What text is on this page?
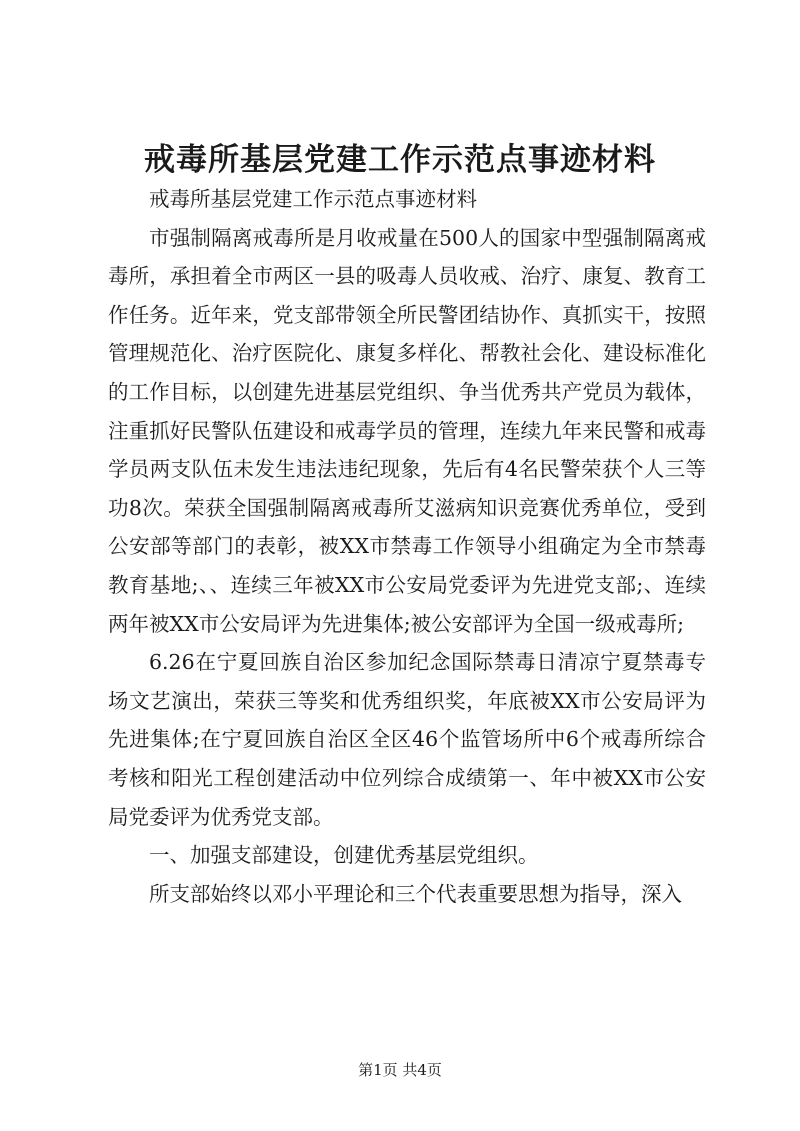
戒毒所基层党建工作示范点事迹材料

戒毒所基层党建工作示范点事迹材料

市强制隔离戒毒所是月收戒量在500人的国家中型强制隔离戒毒所，承担着全市两区一县的吸毒人员收戒、治疗、康复、教育工作任务。近年来，党支部带领全所民警团结协作、真抓实干，按照管理规范化、治疗医院化、康复多样化、帮教社会化、建设标准化的工作目标，以创建先进基层党组织、争当优秀共产党员为载体，注重抓好民警队伍建设和戒毒学员的管理，连续九年来民警和戒毒学员两支队伍未发生违法违纪现象，先后有4名民警荣获个人三等功8次。荣获全国强制隔离戒毒所艾滋病知识竞赛优秀单位，受到公安部等部门的表彰，被XX市禁毒工作领导小组确定为全市禁毒教育基地;、、连续三年被XX市公安局党委评为先进党支部;、连续两年被XX市公安局评为先进集体;被公安部评为全国一级戒毒所;

6.26在宁夏回族自治区参加纪念国际禁毒日清凉宁夏禁毒专场文艺演出，荣获三等奖和优秀组织奖，年底被XX市公安局评为先进集体;在宁夏回族自治区全区46个监管场所中6个戒毒所综合考核和阳光工程创建活动中位列综合成绩第一、年中被XX市公安局党委评为优秀党支部。

一、加强支部建设，创建优秀基层党组织。

所支部始终以邓小平理论和三个代表重要思想为指导，深入

第1页 共4页
